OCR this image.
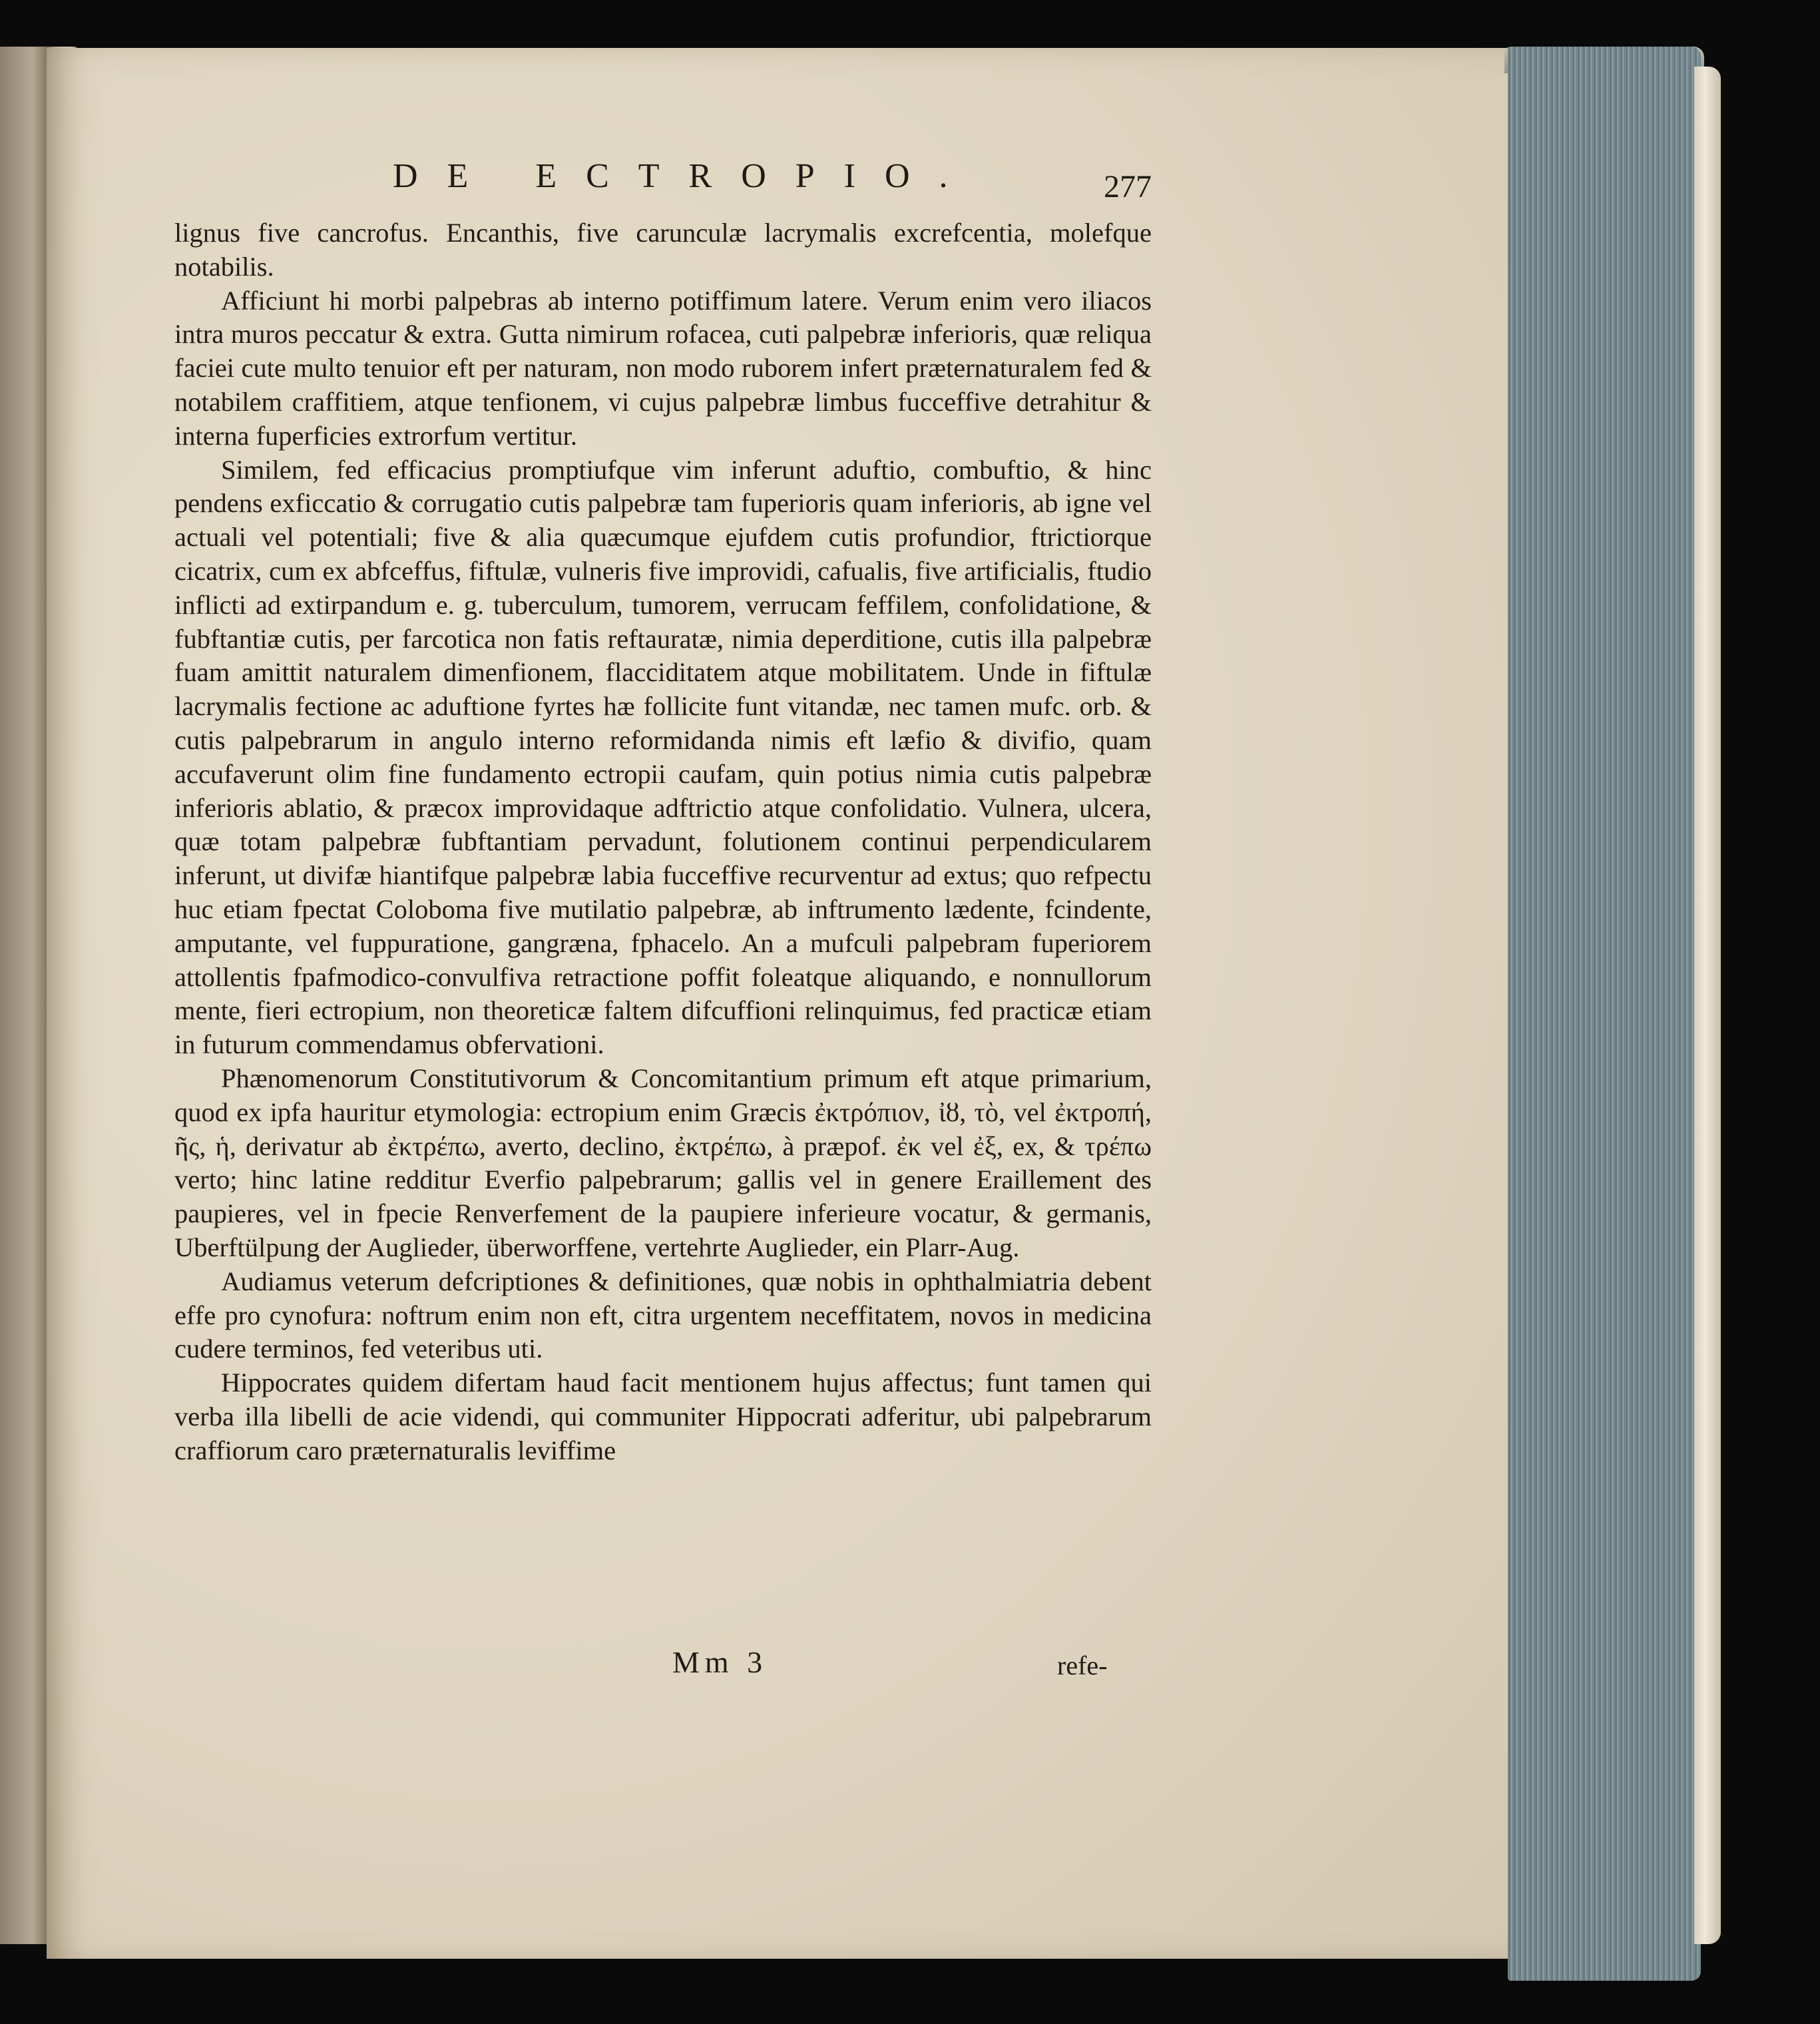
DE ECTROPIO.	277

lignus five cancrofus. Encanthis, five carunculæ lacrymalis excrefcentia, molefque notabilis.

Afficiunt hi morbi palpebras ab interno potiffimum latere. Verum enim vero iliacos intra muros peccatur & extra. Gutta nimirum rofacea, cuti palpebræ inferioris, quæ reliqua faciei cute multo tenuior eft per naturam, non modo ruborem infert præternaturalem fed & notabilem craffitiem, atque tenfionem, vi cujus palpebræ limbus fucceffive detrahitur & interna fuperficies extrorfum vertitur.

Similem, fed efficacius promptiufque vim inferunt aduftio, combuftio, & hinc pendens exficcatio & corrugatio cutis palpebræ tam fuperioris quam inferioris, ab igne vel actuali vel potentiali; five & alia quæcumque ejufdem cutis profundior, ftrictiorque cicatrix, cum ex abfceffus, fiftulæ, vulneris five improvidi, cafualis, five artificialis, ftudio inflicti ad extirpandum e. g. tuberculum, tumorem, verrucam feffilem, confolidatione, & fubftantiæ cutis, per farcotica non fatis reftauratæ, nimia deperditione, cutis illa palpebræ fuam amittit naturalem dimenfionem, flacciditatem atque mobilitatem. Unde in fiftulæ lacrymalis fectione ac aduftione fyrtes hæ follicite funt vitandæ, nec tamen mufc. orb. & cutis palpebrarum in angulo interno reformidanda nimis eft læfio & divifio, quam accufaverunt olim fine fundamento ectropii caufam, quin potius nimia cutis palpebræ inferioris ablatio, & præcox improvidaque adftrictio atque confolidatio. Vulnera, ulcera, quæ totam palpebræ fubftantiam pervadunt, folutionem continui perpendicularem inferunt, ut divifæ hiantifque palpebræ labia fucceffive recurventur ad extus; quo refpectu huc etiam fpectat Coloboma five mutilatio palpebræ, ab inftrumento lædente, fcindente, amputante, vel fuppuratione, gangræna, fphacelo. An a mufculi palpebram fuperiorem attollentis fpafmodico-convulfiva retractione poffit foleatque aliquando, e nonnullorum mente, fieri ectropium, non theoreticæ faltem difcuffioni relinquimus, fed practicæ etiam in futurum commendamus obfervationi.

Phænomenorum Constitutivorum & Concomitantium primum eft atque primarium, quod ex ipfa hauritur etymologia: ectropium enim Græcis ἐκτρόπιον, ἰȣ, τὸ, vel ἐκτροπή, ῆς, ἡ, derivatur ab ἐκτρέπω, averto, declino, ἐκτρέπω, à præpof. ἐκ vel ἐξ, ex, & τρέπω verto; hinc latine redditur Everfio palpebrarum; gallis vel in genere Eraillement des paupieres, vel in fpecie Renverfement de la paupiere inferieure vocatur, & germanis, Uberftülpung der Auglieder, überworffene, vertehrte Auglieder, ein Plarr-Aug.

Audiamus veterum defcriptiones & definitiones, quæ nobis in ophthalmiatria debent effe pro cynofura: noftrum enim non eft, citra urgentem neceffitatem, novos in medicina cudere terminos, fed veteribus uti.

Hippocrates quidem difertam haud facit mentionem hujus affectus; funt tamen qui verba illa libelli de acie videndi, qui communiter Hippocrati adferitur, ubi palpebrarum craffiorum caro præternaturalis leviffime

Mm 3	refe-
